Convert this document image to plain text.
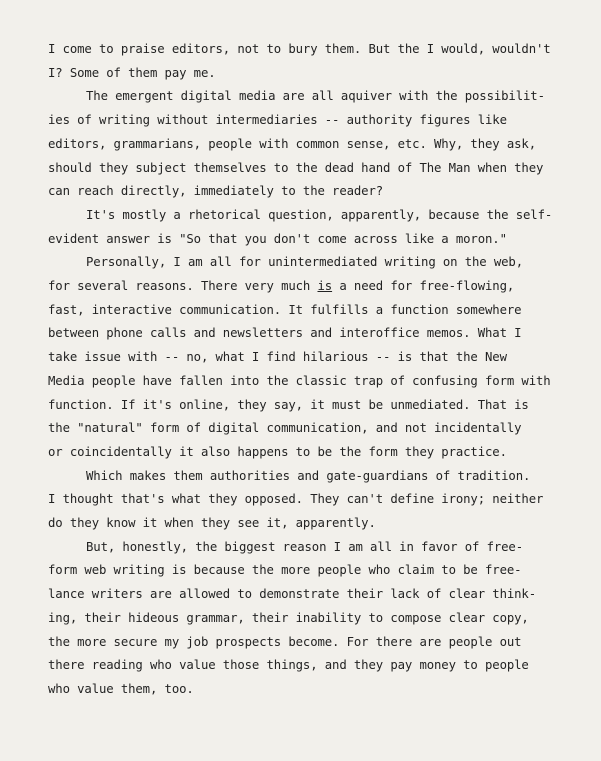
I come to praise editors, not to bury them. But the I would, wouldn't

I? Some of them pay me.

The emergent digital media are all aquiver with the possibilit-

ies of writing without intermediaries -- authority figures like

editors, grammarians, people with common sense, etc. Why, they ask,

should they subject themselves to the dead hand of The Man when they

can reach directly, immediately to the reader?

It's mostly a rhetorical question, apparently, because the self-

evident answer is "So that you don't come across like a moron."

Personally, I am all for unintermediated writing on the web,

for several reasons. There very much is a need for free-flowing,

fast, interactive communication. It fulfills a function somewhere

between phone calls and newsletters and interoffice memos. What I

take issue with -- no, what I find hilarious -- is that the New

Media people have fallen into the classic trap of confusing form with

function. If it's online, they say, it must be unmediated. That is

the "natural" form of digital communication, and not incidentally

or coincidentally it also happens to be the form they practice.

Which makes them authorities and gate-guardians of tradition.

I thought that's what they opposed. They can't define irony; neither

do they know it when they see it, apparently.

But, honestly, the biggest reason I am all in favor of free-

form web writing is because the more people who claim to be free-

lance writers are allowed to demonstrate their lack of clear think-

ing, their hideous grammar, their inability to compose clear copy,

the more secure my job prospects become. For there are people out

there reading who value those things, and they pay money to people

who value them, too.
